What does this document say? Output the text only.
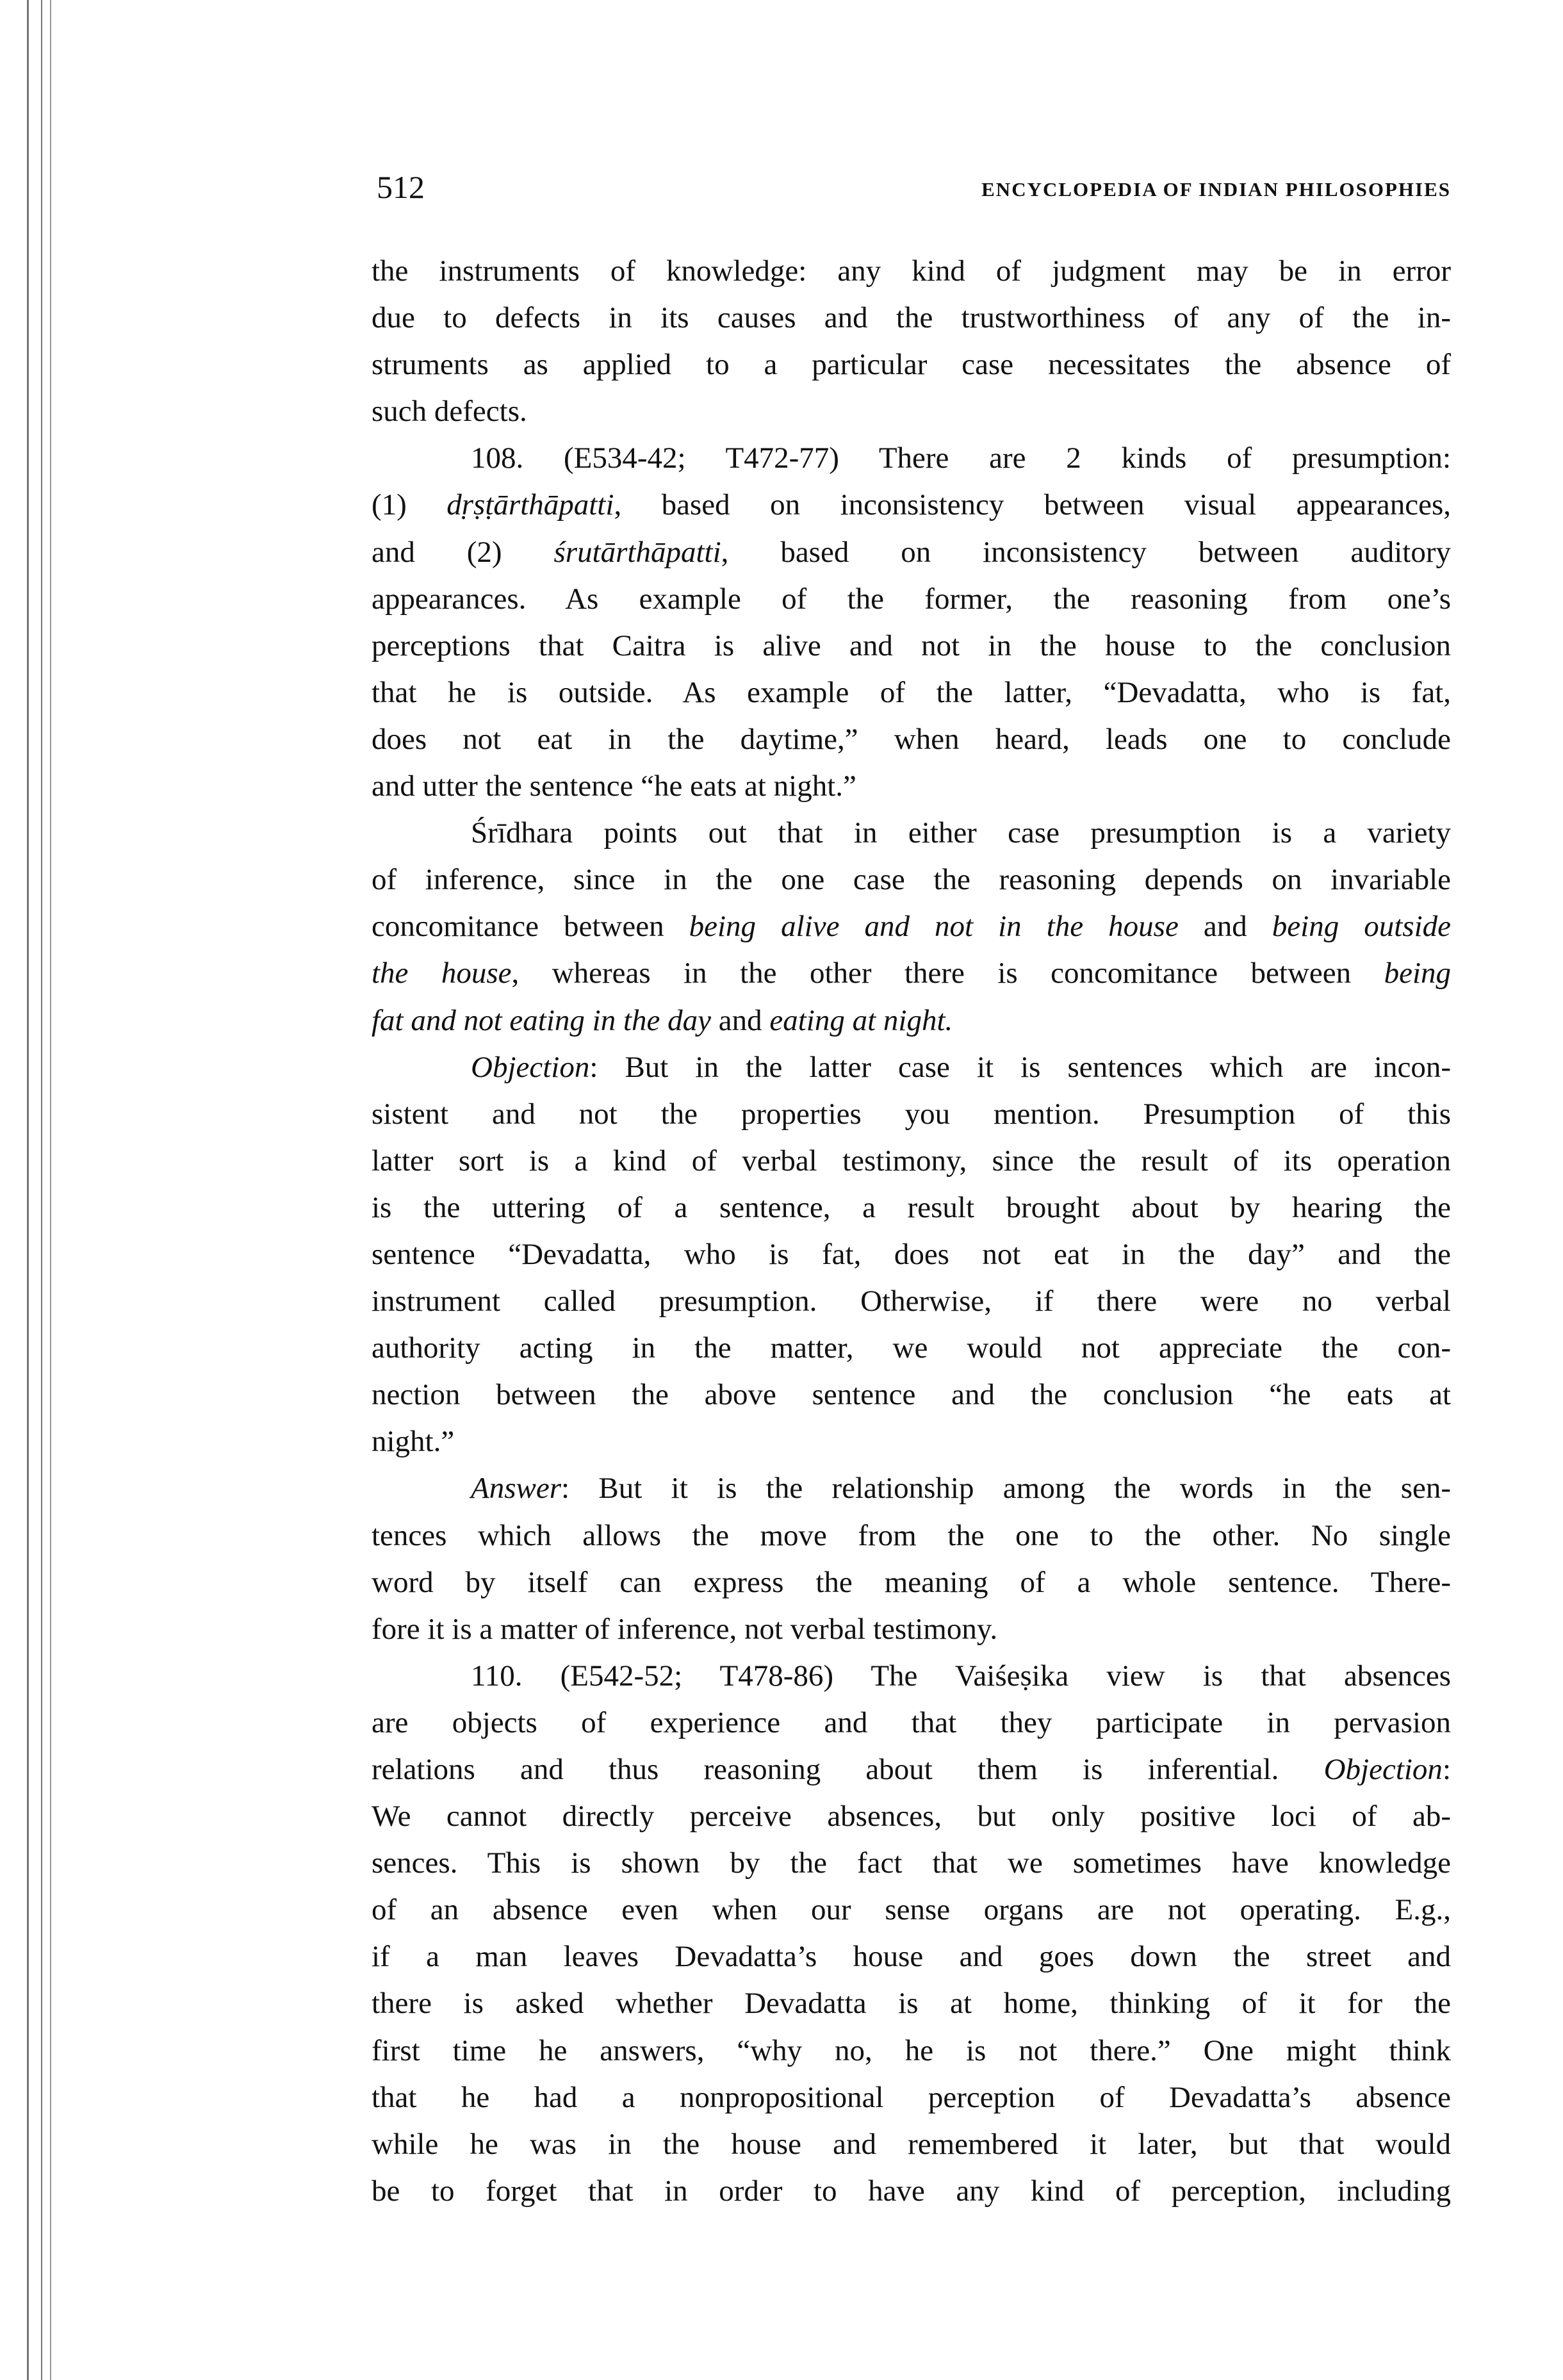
512	ENCYCLOPEDIA OF INDIAN PHILOSOPHIES
the instruments of knowledge: any kind of judgment may be in error
due to defects in its causes and the trustworthiness of any of the in-
struments as applied to a particular case necessitates the absence of
such defects.
108. (E534-42; T472-77) There are 2 kinds of presumption:
(1) dṛṣṭārthāpatti, based on inconsistency between visual appearances,
and (2) śrutārthāpatti, based on inconsistency between auditory
appearances. As example of the former, the reasoning from one’s
perceptions that Caitra is alive and not in the house to the conclusion
that he is outside. As example of the latter, “Devadatta, who is fat,
does not eat in the daytime,” when heard, leads one to conclude
and utter the sentence “he eats at night.”
Śrīdhara points out that in either case presumption is a variety
of inference, since in the one case the reasoning depends on invariable
concomitance between being alive and not in the house and being outside
the house, whereas in the other there is concomitance between being
fat and not eating in the day and eating at night.
Objection: But in the latter case it is sentences which are incon-
sistent and not the properties you mention. Presumption of this
latter sort is a kind of verbal testimony, since the result of its operation
is the uttering of a sentence, a result brought about by hearing the
sentence “Devadatta, who is fat, does not eat in the day” and the
instrument called presumption. Otherwise, if there were no verbal
authority acting in the matter, we would not appreciate the con-
nection between the above sentence and the conclusion “he eats at
night.”
Answer: But it is the relationship among the words in the sen-
tences which allows the move from the one to the other. No single
word by itself can express the meaning of a whole sentence. There-
fore it is a matter of inference, not verbal testimony.
110. (E542-52; T478-86) The Vaiśeṣika view is that absences
are objects of experience and that they participate in pervasion
relations and thus reasoning about them is inferential. Objection:
We cannot directly perceive absences, but only positive loci of ab-
sences. This is shown by the fact that we sometimes have knowledge
of an absence even when our sense organs are not operating. E.g.,
if a man leaves Devadatta’s house and goes down the street and
there is asked whether Devadatta is at home, thinking of it for the
first time he answers, “why no, he is not there.” One might think
that he had a nonpropositional perception of Devadatta’s absence
while he was in the house and remembered it later, but that would
be to forget that in order to have any kind of perception, including
